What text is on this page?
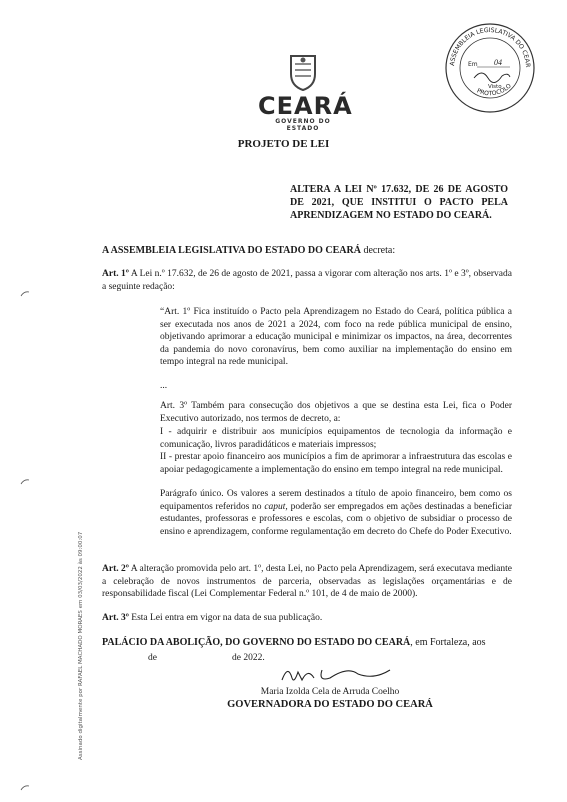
CEARÁ
GOVERNO DO ESTADO
ASSEMBLEIA LEGISLATIVA DO CEAR
PROTOCOLO
Em 04
Visto
PROJETO DE LEI
ALTERA A LEI Nº 17.632, DE 26 DE AGOSTO DE 2021, QUE INSTITUI O PACTO PELA APRENDIZAGEM NO ESTADO DO CEARÁ.
A ASSEMBLEIA LEGISLATIVA DO ESTADO DO CEARÁ decreta:
Art. 1º A Lei n.º 17.632, de 26 de agosto de 2021, passa a vigorar com alteração nos arts. 1º e 3º, observada a seguinte redação:
“Art. 1º Fica instituído o Pacto pela Aprendizagem no Estado do Ceará, política pública a ser executada nos anos de 2021 a 2024, com foco na rede pública municipal de ensino, objetivando aprimorar a educação municipal e minimizar os impactos, na área, decorrentes da pandemia do novo coronavírus, bem como auxiliar na implementação do ensino em tempo integral na rede municipal.
...
Art. 3º Também para consecução dos objetivos a que se destina esta Lei, fica o Poder Executivo autorizado, nos termos de decreto, a:
I - adquirir e distribuir aos municípios equipamentos de tecnologia da informação e comunicação, livros paradidáticos e materiais impressos;
II - prestar apoio financeiro aos municípios a fim de aprimorar a infraestrutura das escolas e apoiar pedagogicamente a implementação do ensino em tempo integral na rede municipal.
Parágrafo único. Os valores a serem destinados a título de apoio financeiro, bem como os equipamentos referidos no caput, poderão ser empregados em ações destinadas a beneficiar estudantes, professoras e professores e escolas, com o objetivo de subsidiar o processo de ensino e aprendizagem, conforme regulamentação em decreto do Chefe do Poder Executivo.
Art. 2º A alteração promovida pelo art. 1º, desta Lei, no Pacto pela Aprendizagem, será executava mediante a celebração de novos instrumentos de parceria, observadas as legislações orçamentárias e de responsabilidade fiscal (Lei Complementar Federal n.º 101, de 4 de maio de 2000).
Art. 3º Esta Lei entra em vigor na data de sua publicação.
PALÁCIO DA ABOLIÇÃO, DO GOVERNO DO ESTADO DO CEARÁ, em Fortaleza, aos
de	de 2022.
Maria Izolda Cela de Arruda Coelho
GOVERNADORA DO ESTADO DO CEARÁ
Assinado digitalmente por RAFAEL MACHADO MORAES em 03/03/2022 às 09:00:07
